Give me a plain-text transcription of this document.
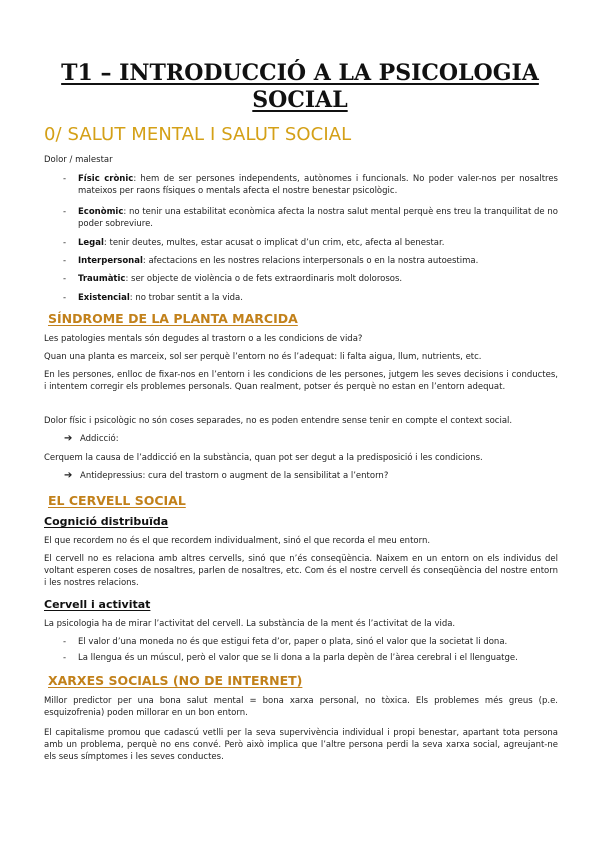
T1 – INTRODUCCIÓ A LA PSICOLOGIA
SOCIAL
0/ SALUT MENTAL I SALUT SOCIAL
Dolor / malestar
- Físic crònic: hem de ser persones independents, autònomes i funcionals. No poder valer-nos per nosaltres mateixos per raons físiques o mentals afecta el nostre benestar psicològic.
- Econòmic: no tenir una estabilitat econòmica afecta la nostra salut mental perquè ens treu la tranquilitat de no poder sobreviure.
- Legal: tenir deutes, multes, estar acusat o implicat d’un crim, etc, afecta al benestar.
- Interpersonal: afectacions en les nostres relacions interpersonals o en la nostra autoestima.
- Traumàtic: ser objecte de violència o de fets extraordinaris molt dolorosos.
- Existencial: no trobar sentit a la vida.
SÍNDROME DE LA PLANTA MARCIDA
Les patologies mentals són degudes al trastorn o a les condicions de vida?
Quan una planta es marceix, sol ser perquè l’entorn no és l’adequat: li falta aigua, llum, nutrients, etc.
En les persones, enlloc de fixar-nos en l’entorn i les condicions de les persones, jutgem les seves decisions i conductes, i intentem corregir els problemes personals. Quan realment, potser és perquè no estan en l’entorn adequat.
Dolor físic i psicològic no són coses separades, no es poden entendre sense tenir en compte el context social.
➔ Addicció:
Cerquem la causa de l’addicció en la substància, quan pot ser degut a la predisposició i les condicions.
➔ Antidepressius: cura del trastorn o augment de la sensibilitat a l’entorn?
EL CERVELL SOCIAL
Cognició distribuïda
El que recordem no és el que recordem individualment, sinó el que recorda el meu entorn.
El cervell no es relaciona amb altres cervells, sinó que n’és conseqüència. Naixem en un entorn on els individus del voltant esperen coses de nosaltres, parlen de nosaltres, etc. Com és el nostre cervell és conseqüència del nostre entorn i les nostres relacions.
Cervell i activitat
La psicologia ha de mirar l’activitat del cervell. La substància de la ment és l’activitat de la vida.
- El valor d’una moneda no és que estigui feta d’or, paper o plata, sinó el valor que la societat li dona.
- La llengua és un múscul, però el valor que se li dona a la parla depèn de l’àrea cerebral i el llenguatge.
XARXES SOCIALS (NO DE INTERNET)
Millor predictor per una bona salut mental = bona xarxa personal, no tòxica. Els problemes més greus (p.e. esquizofrenia) poden millorar en un bon entorn.
El capitalisme promou que cadascú vetlli per la seva supervivència individual i propi benestar, apartant tota persona amb un problema, perquè no ens convé. Però això implica que l’altre persona perdi la seva xarxa social, agreujant-ne els seus símptomes i les seves conductes.
